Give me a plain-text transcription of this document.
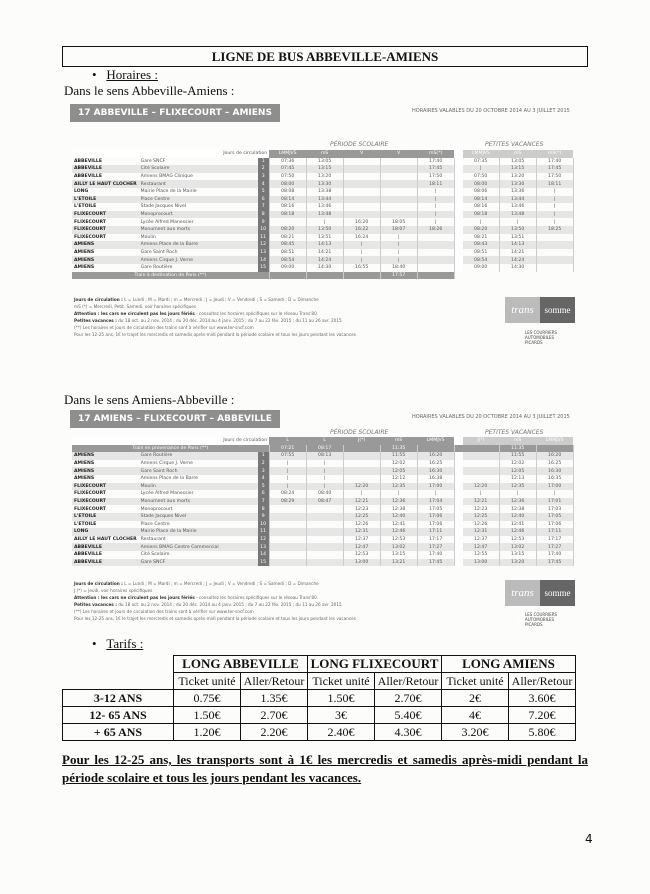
LIGNE DE BUS ABBEVILLE-AMIENS
•   Horaires :
Dans le sens Abbeville-Amiens :
17 ABBEVILLE – FLIXECOURT – AMIENS	HORAIRES VALABLES DU 20 OCTOBRE 2014 AU 3 JUILLET 2015
PÉRIODE SCOLAIRE	PETITES VACANCES
Jours de circulation			LMMJVS	mS	V	V	mS(*)		LMMJVS	mS	mS(*)
ABBEVILLE	Gare SNCF	1	07:36	13:05			17:40		07:35	13:05	17:40
ABBEVILLE	Cité Scolaire	2	07:45	13:15			17:45		|	13:15	17:45
ABBEVILLE	Amiens BMAG Clinique	3	07:50	13:20			17:50		07:50	13:20	17:50
AILLY LE HAUT CLOCHER	Restaurant	4	08:00	13:30			18:11		08:00	13:30	18:11
LONG	Mairie Place de la Mairie	5	08:08	13:38			|		08:06	13:36	|
L'ETOILE	Place Centre	6	08:14	13:44			|		08:14	13:44	|
L'ETOILE	Stade Jacques Nivel	7	08:16	13:46			|		08:16	13:46	|
FLIXECOURT	Monoprocourt	8	08:18	13:48			|		08:18	13:48	|
FLIXECOURT	Lycée Alfred Manessier	9		|	16:20	18:05	|		|	|	|
FLIXECOURT	Monument aux morts	10	08:20	13:50	16:22	18:07	18:26		08:20	13:50	18:25
FLIXECOURT	Moulin	11	08:21	13:51	16:24	|			08:21	13:51	
AMIENS	Amiens Place de la Barre	12	08:45	14:13	|	|			08:43	14:13	
AMIENS	Gare Saint Roch	13	08:51	14:21	|	|			08:51	14:21	
AMIENS	Amiens Cirque J. Verne	14	08:54	14:24	|	|			08:54	14:24	
AMIENS	Gare Routière	15	09:00	14:30	16:55	18:40			09:00	14:30	
Train à destination de Paris (**)						17:57					
Jours de circulation : L = Lundi ; M = Mardi ; m = Mercredi ; J = Jeudi ; V = Vendredi ; S = Samedi ; D = Dimanche
mS (*) = Mercredi, Petit. Samedi, voir horaires spécifiques
Attention : les cars ne circulent pas les jours fériés - consultez les horaires spécifiques sur le réseau Trans'80.
Petites vacances : du 18 oct. au 2 nov. 2014 ; du 20 déc. 2014 au 4 janv. 2015 ; du 7 au 22 fév. 2015 ; du 11 au 26 avr. 2015
(**) Les horaires et jours de circulation des trains sont à vérifier sur www.ter-sncf.com
Pour les 12-25 ans, 1€ le trajet les mercredis et samedis après-midi pendant la période scolaire et tous les jours pendant les vacances
trans 80
somme
LES COURRIERS AUTOMOBILES PICARDS
Dans le sens Amiens-Abbeville :
17 AMIENS – FLIXECOURT – ABBEVILLE	HORAIRES VALABLES DU 20 OCTOBRE 2014 AU 3 JUILLET 2015
PÉRIODE SCOLAIRE	PETITES VACANCES
Jours de circulation			L	L	J(*)	mS	LMMJVS		J(*)	mS	LMMJVS
Train en provenance de Paris (**)			07:21	08:17		11:35				11:35	
AMIENS	Gare Routière	1	07:55	08:13		11:55	16:20			11:55	16:20
AMIENS	Amiens Cirque J. Verne	2	|	|		12:02	16:25			12:02	16:25
AMIENS	Gare Saint Roch	3	|	|		12:05	16:30			12:05	16:30
AMIENS	Amiens Place de la Barre	4	|	|		12:12	16:38			12:13	16:35
FLIXECOURT	Moulin	5	|	|	12:20	12:35	17:00		12:20	12:35	17:00
FLIXECOURT	Lycée Alfred Manessier	6	08:24	08:40	|	|	|		|	|	|
FLIXECOURT	Monument aux morts	7	08:29	08:47	12:21	12:36	17:04		12:21	12:36	17:01
FLIXECOURT	Monoprocourt	8			12:23	12:38	17:05		12:23	12:38	17:03
L'ETOILE	Stade Jacques Nivel	9			12:25	12:40	17:06		12:25	12:40	17:05
L'ETOILE	Place Centre	10			12:26	12:41	17:06		12:26	12:41	17:06
LONG	Mairie Place de la Mairie	11			12:31	12:46	17:11		12:31	12:46	17:11
AILLY LE HAUT CLOCHER	Restaurant	12			12:37	12:53	17:17		12:37	12:53	17:17
ABBEVILLE	Amiens BMAG Centre Commercial	13			12:47	13:02	17:27		12:47	13:02	17:27
ABBEVILLE	Cité Scolaire	14			12:53	13:15	17:40		12:55	13:15	17:40
ABBEVILLE	Gare SNCF	15			13:00	13:21	17:45		13:00	13:20	17:45
Jours de circulation : L = Lundi ; M = Mardi ; m = Mercredi ; J = Jeudi ; V = Vendredi ; S = Samedi ; D = Dimanche
J (*) = Jeudi, voir horaires spécifiques
Attention : les cars ne circulent pas les jours fériés - consultez les horaires spécifiques sur le réseau Trans'80.
Petites vacances : du 18 oct. au 2 nov. 2014 ; du 20 déc. 2014 au 4 janv. 2015 ; du 7 au 22 fév. 2015 ; du 11 au 26 avr. 2015
(**) Les horaires et jours de circulation des trains sont à vérifier sur www.ter-sncf.com
Pour les 12-25 ans, 1€ le trajet les mercredis et samedis après-midi pendant la période scolaire et tous les jours pendant les vacances
trans 80
somme
LES COURRIERS AUTOMOBILES PICARDS
•   Tarifs :
	LONG ABBEVILLE		LONG FLIXECOURT		LONG AMIENS	
	Ticket unité	Aller/Retour	Ticket unité	Aller/Retour	Ticket unité	Aller/Retour
3-12 ANS	0.75€	1.35€	1.50€	2.70€	2€	3.60€
12- 65 ANS	1.50€	2.70€	3€	5.40€	4€	7.20€
+ 65 ANS	1.20€	2.20€	2.40€	4.30€	3.20€	5.80€
Pour les 12-25 ans, les transports sont à 1€ les mercredis et samedis après-midi pendant la période scolaire et tous les jours pendant les vacances.
4
